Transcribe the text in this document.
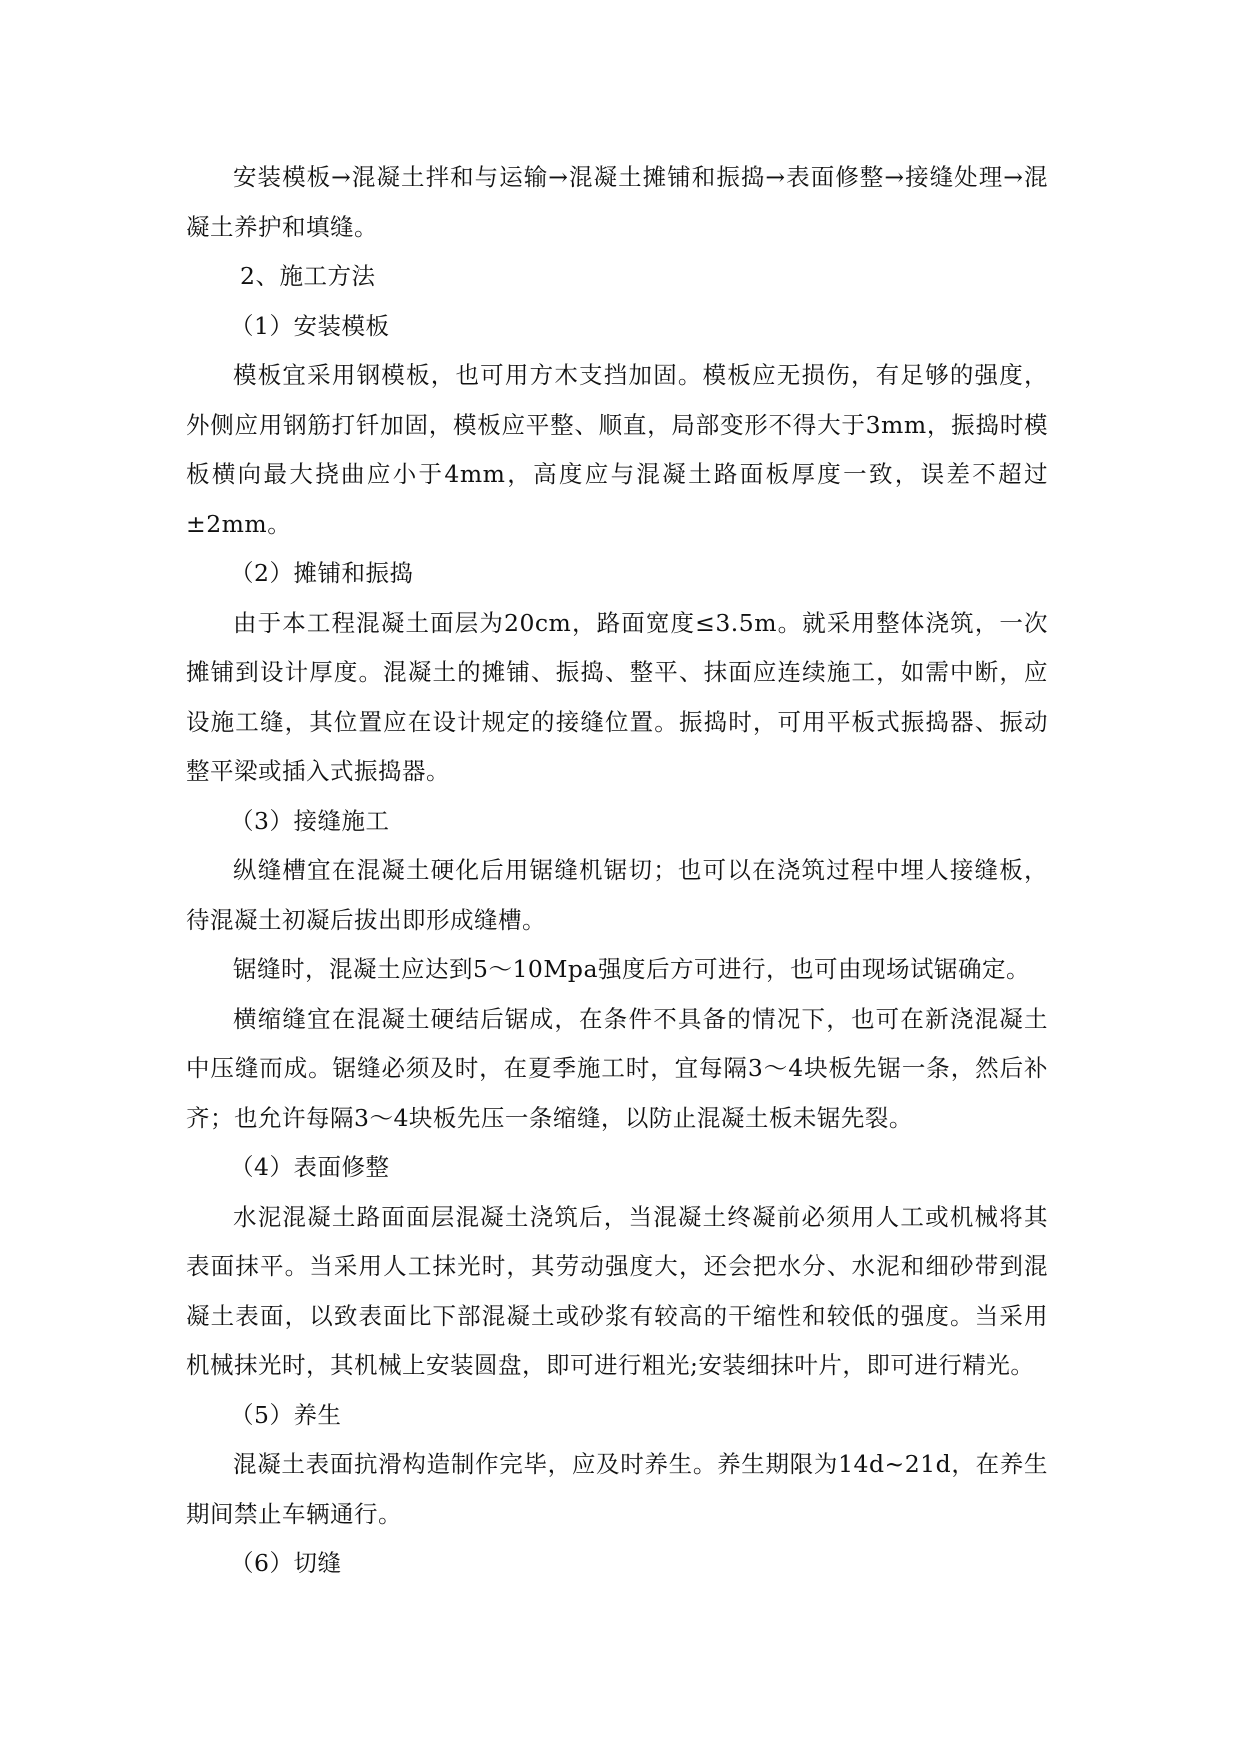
安装模板→混凝土拌和与运输→混凝土摊铺和振捣→表面修整→接缝处理→混凝土养护和填缝。

2、施工方法

（1）安装模板

模板宜采用钢模板，也可用方木支挡加固。模板应无损伤，有足够的强度，外侧应用钢筋打钎加固，模板应平整、顺直，局部变形不得大于3mm，振捣时模板横向最大挠曲应小于4mm，高度应与混凝土路面板厚度一致，误差不超过±2mm。

（2）摊铺和振捣

由于本工程混凝土面层为20cm，路面宽度≤3.5m。就采用整体浇筑，一次摊铺到设计厚度。混凝土的摊铺、振捣、整平、抹面应连续施工，如需中断，应设施工缝，其位置应在设计规定的接缝位置。振捣时，可用平板式振捣器、振动整平梁或插入式振捣器。

（3）接缝施工

纵缝槽宜在混凝土硬化后用锯缝机锯切；也可以在浇筑过程中埋人接缝板，待混凝土初凝后拔出即形成缝槽。

锯缝时，混凝土应达到5～10Mpa强度后方可进行，也可由现场试锯确定。

横缩缝宜在混凝土硬结后锯成，在条件不具备的情况下，也可在新浇混凝土中压缝而成。锯缝必须及时，在夏季施工时，宜每隔3～4块板先锯一条，然后补齐；也允许每隔3～4块板先压一条缩缝，以防止混凝土板未锯先裂。

（4）表面修整

水泥混凝土路面面层混凝土浇筑后，当混凝土终凝前必须用人工或机械将其表面抹平。当采用人工抹光时，其劳动强度大，还会把水分、水泥和细砂带到混凝土表面，以致表面比下部混凝土或砂浆有较高的干缩性和较低的强度。当采用机械抹光时，其机械上安装圆盘，即可进行粗光;安装细抹叶片，即可进行精光。

（5）养生

混凝土表面抗滑构造制作完毕，应及时养生。养生期限为14d~21d，在养生期间禁止车辆通行。

（6）切缝
